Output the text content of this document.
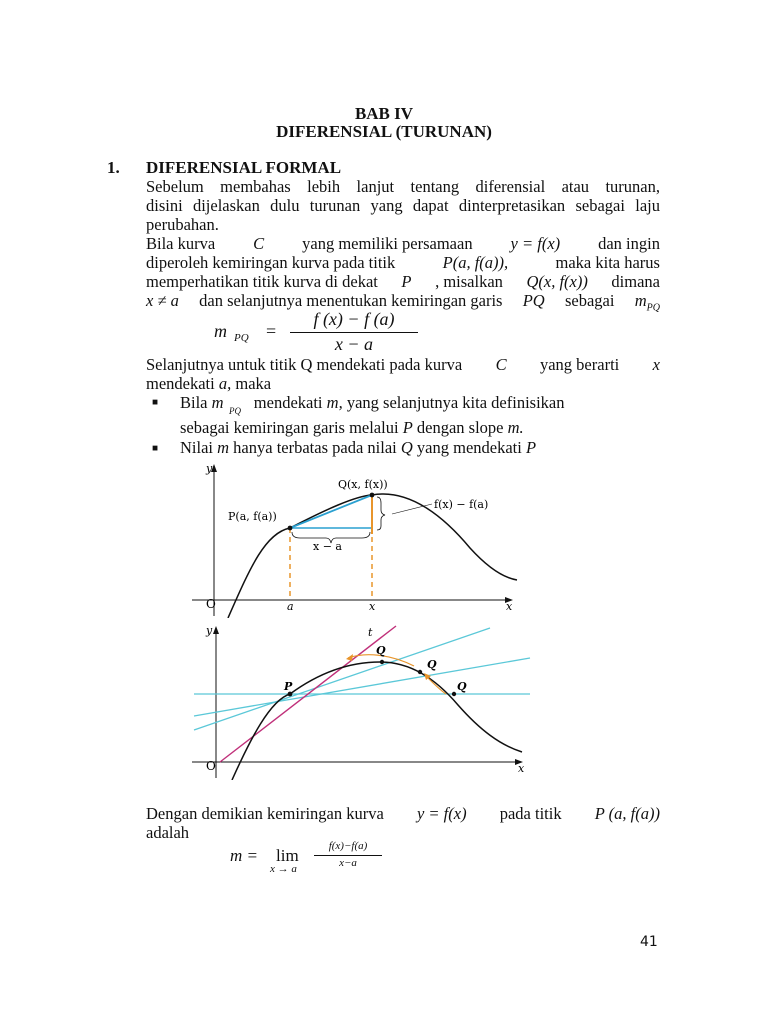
BAB IV
DIFERENSIAL (TURUNAN)
1. DIFERENSIAL FORMAL
Sebelum membahas lebih lanjut tentang diferensial atau turunan,
disini dijelaskan dulu turunan yang dapat dinterpretasikan sebagai laju
perubahan.
Bila kurva C yang memiliki persamaan y = f(x) dan ingin
diperoleh kemiringan kurva pada titik	P(a, f(a)),	maka kita harus
memperhatikan titik kurva di dekat P , misalkan Q(x, f(x)) dimana
x ≠ a dan selanjutnya menentukan kemiringan garis PQ sebagai $m_{PQ}$
m PQ =
f (x) − f (a)
x − a
Selanjutnya untuk titik Q mendekati pada kurva C yang berarti x
mendekati a, maka
■ Bila m mendekati m, yang selanjutnya kita definisikan
PQ
sebagai kemiringan garis melalui P dengan slope m.
■ Nilai m hanya terbatas pada nilai Q yang mendekati P
y
O
P(a, f(a))
Q(x, f(x))
f(x) − f(a)
x − a
a	x	x
y
O
t
P
Q
Q
Q
x
Dengan demikian kemiringan kurva y = f(x) pada titik P (a, f(a))
adalah
m = lim
x → a
f(x)−f(a)
x−a
41
